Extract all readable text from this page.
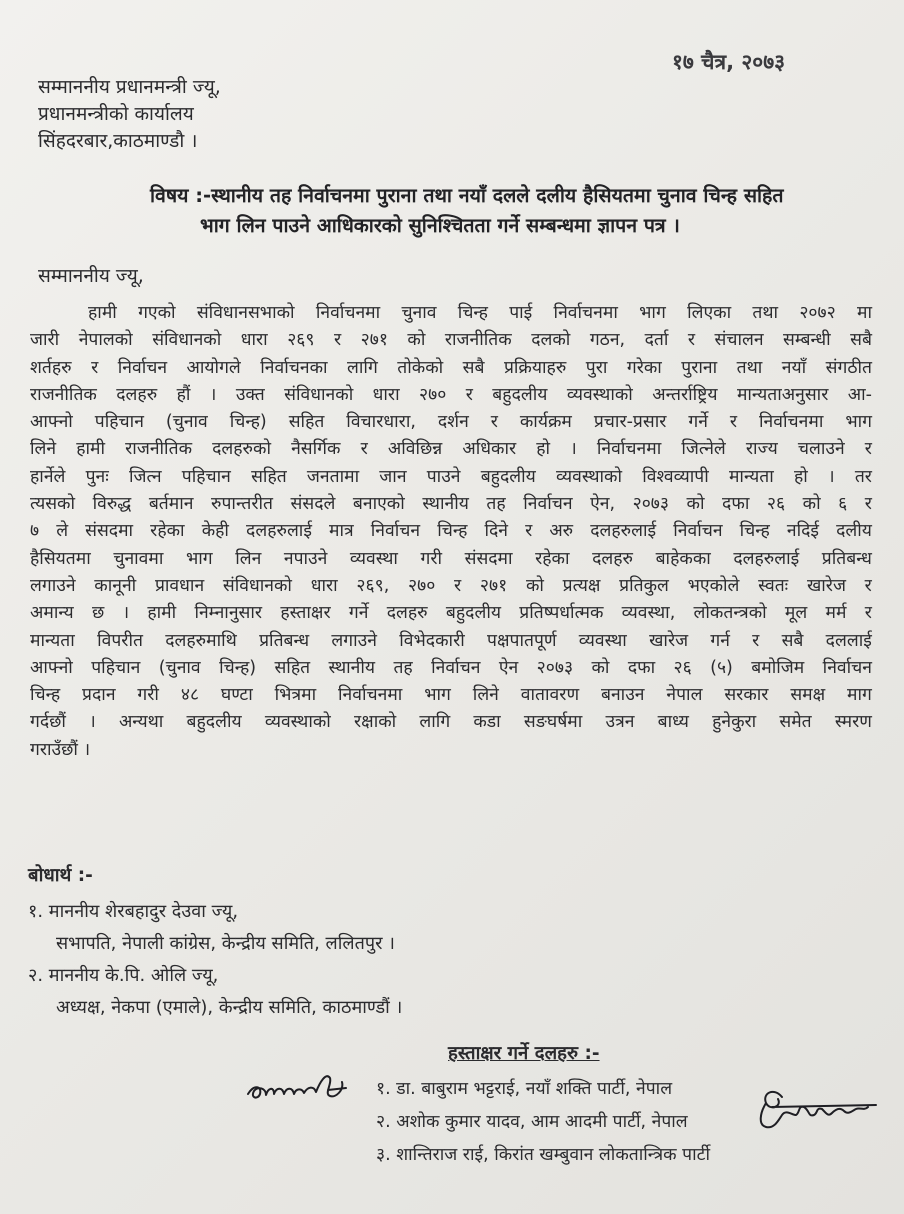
१७ चैत्र, २०७३
सम्माननीय प्रधानमन्त्री ज्यू,
प्रधानमन्त्रीको कार्यालय
सिंहदरबार,काठमाण्डौ ।
विषय :-स्थानीय तह निर्वाचनमा पुराना तथा नयाँ दलले दलीय हैसियतमा चुनाव चिन्ह सहित
भाग लिन पाउने आधिकारको सुनिश्चितता गर्ने सम्बन्धमा ज्ञापन पत्र ।
सम्माननीय ज्यू,
हामी गएको संविधानसभाको निर्वाचनमा चुनाव चिन्ह पाई निर्वाचनमा भाग लिएका तथा २०७२ मा
जारी नेपालको संविधानको धारा २६९ र २७१ को राजनीतिक दलको गठन, दर्ता र संचालन सम्बन्धी सबै
शर्तहरु र निर्वाचन आयोगले निर्वाचनका लागि तोकेको सबै प्रक्रियाहरु पुरा गरेका पुराना तथा नयाँ संगठीत
राजनीतिक दलहरु हौं । उक्त संविधानको धारा २७० र बहुदलीय व्यवस्थाको अन्तर्राष्ट्रिय मान्यताअनुसार आ-
आफ्नो पहिचान (चुनाव चिन्ह) सहित विचारधारा, दर्शन र कार्यक्रम प्रचार-प्रसार गर्ने र निर्वाचनमा भाग
लिने हामी राजनीतिक दलहरुको नैसर्गिक र अविछिन्न अधिकार हो । निर्वाचनमा जित्नेले राज्य चलाउने र
हार्नेले पुनः जित्न पहिचान सहित जनतामा जान पाउने बहुदलीय व्यवस्थाको विश्वव्यापी मान्यता हो । तर
त्यसको विरुद्ध बर्तमान रुपान्तरीत संसदले बनाएको स्थानीय तह निर्वाचन ऐन, २०७३ को दफा २६ को ६ र
७ ले संसदमा रहेका केही दलहरुलाई मात्र निर्वाचन चिन्ह दिने र अरु दलहरुलाई निर्वाचन चिन्ह नदिई दलीय
हैसियतमा चुनावमा भाग लिन नपाउने व्यवस्था गरी संसदमा रहेका दलहरु बाहेकका दलहरुलाई प्रतिबन्ध
लगाउने कानूनी प्रावधान संविधानको धारा २६९, २७० र २७१ को प्रत्यक्ष प्रतिकुल भएकोले स्वतः खारेज र
अमान्य छ । हामी निम्नानुसार हस्ताक्षर गर्ने दलहरु बहुदलीय प्रतिष्पर्धात्मक व्यवस्था, लोकतन्त्रको मूल मर्म र
मान्यता विपरीत दलहरुमाथि प्रतिबन्ध लगाउने विभेदकारी पक्षपातपूर्ण व्यवस्था खारेज गर्न र सबै दललाई
आफ्नो पहिचान (चुनाव चिन्ह) सहित स्थानीय तह निर्वाचन ऐन २०७३ को दफा २६ (५) बमोजिम निर्वाचन
चिन्ह प्रदान गरी ४८ घण्टा भित्रमा निर्वाचनमा भाग लिने वातावरण बनाउन नेपाल सरकार समक्ष माग
गर्दछौं । अन्यथा बहुदलीय व्यवस्थाको रक्षाको लागि कडा सङघर्षमा उत्रन बाध्य हुनेकुरा समेत स्मरण
गराउँछौं ।
बोधार्थ :-
१. माननीय शेरबहादुर देउवा ज्यू,
सभापति, नेपाली कांग्रेस, केन्द्रीय समिति, ललितपुर ।
२. माननीय के.पि. ओलि ज्यू,
अध्यक्ष, नेकपा (एमाले), केन्द्रीय समिति, काठमाण्डौं ।
हस्ताक्षर गर्ने दलहरु :-
१. डा. बाबुराम भट्टराई, नयाँ शक्ति पार्टी, नेपाल
२. अशोक कुमार यादव, आम आदमी पार्टी, नेपाल
३. शान्तिराज राई, किरांत खम्बुवान लोकतान्त्रिक पार्टी
